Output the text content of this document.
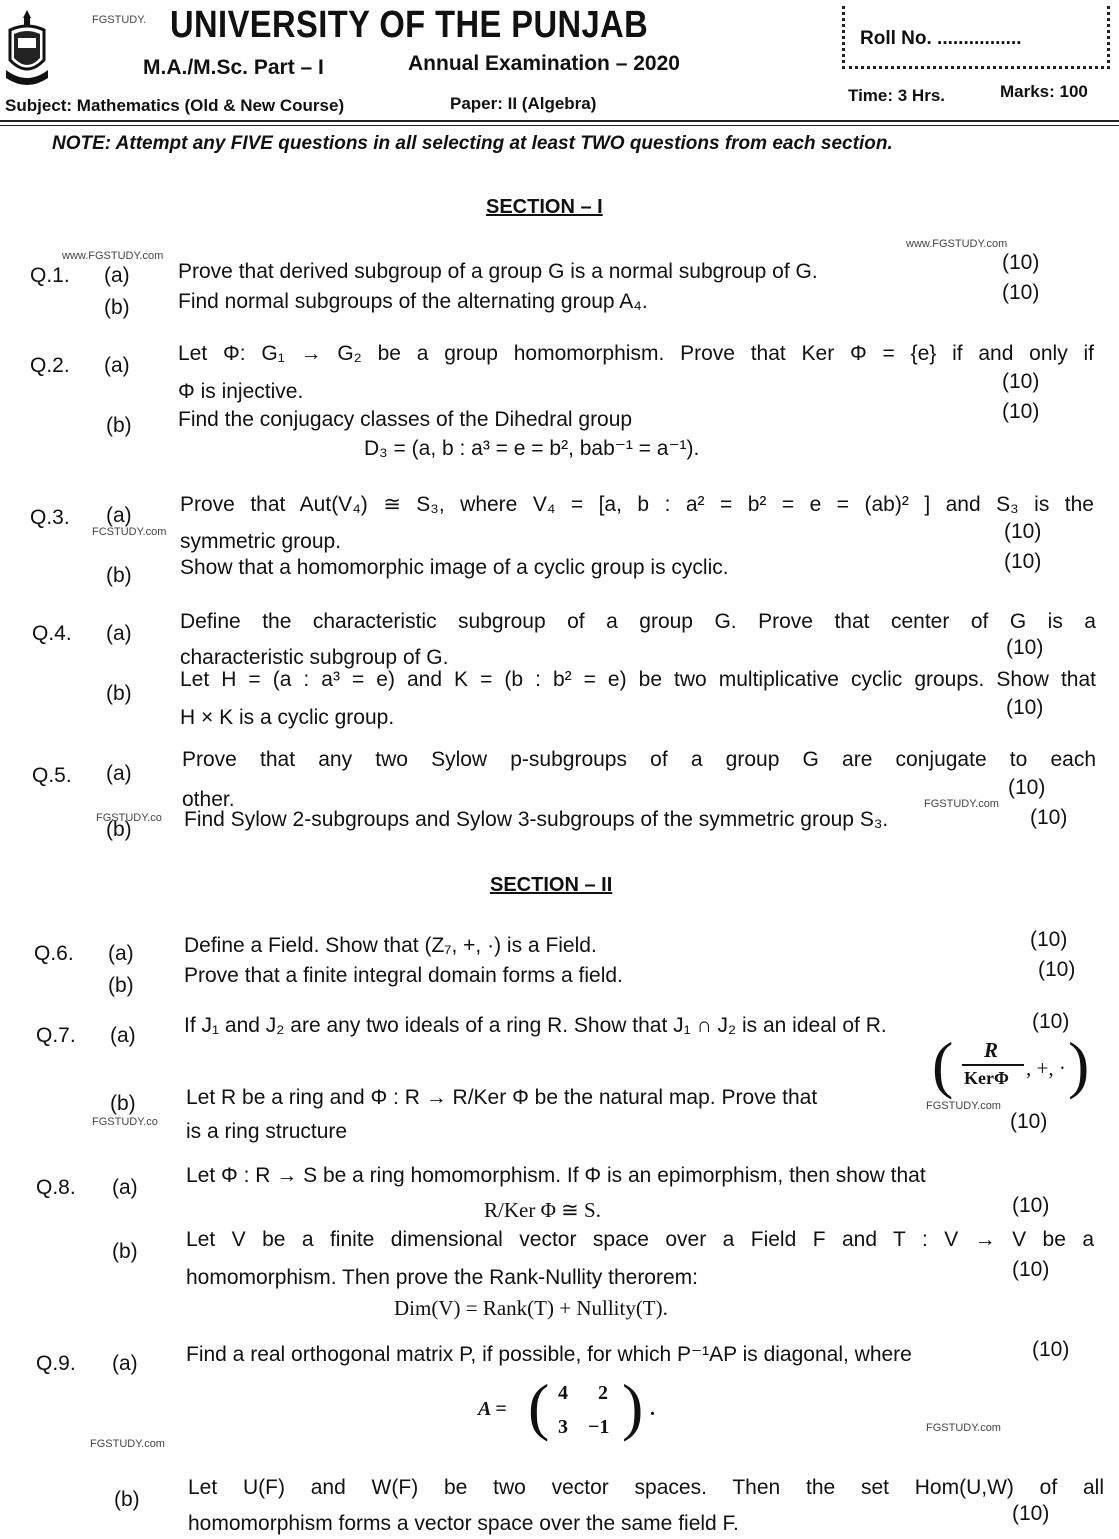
FGSTUDY. UNIVERSITY OF THE PUNJAB
M.A./M.Sc. Part – I	Annual Examination – 2020
Subject: Mathematics (Old & New Course)	Paper: II (Algebra)	Time: 3 Hrs.	Marks: 100
Roll No. ................
NOTE: Attempt any FIVE questions in all selecting at least TWO questions from each section.
SECTION – I
www.FGSTUDY.com
www.FGSTUDY.com
Q.1. (a) Prove that derived subgroup of a group G is a normal subgroup of G.	(10)
(b) Find normal subgroups of the alternating group A₄.	(10)
Q.2. (a)
Let Φ: G₁ → G₂ be a group homomorphism. Prove that Ker Φ = {e} if and only if
Φ is injective.	(10)
(b) Find the conjugacy classes of the Dihedral group	(10)
D₃ = (a, b : a³ = e = b², bab⁻¹ = a⁻¹).
Q.3. (a) Prove that Aut(V₄) ≅ S₃, where V₄ = [a, b : a² = b² = e = (ab)² ] and S₃ is the
FCSTUDY.com symmetric group.	(10)
(b) Show that a homomorphic image of a cyclic group is cyclic.	(10)
Q.4. (a)
Define the characteristic subgroup of a group G. Prove that center of G is a
characteristic subgroup of G.	(10)
(b)
Let H = (a : a³ = e) and K = (b : b² = e) be two multiplicative cyclic groups. Show that
H × K is a cyclic group.	(10)
Q.5. (a)
Prove that any two Sylow p-subgroups of a group G are conjugate to each
other.
(10)
FGSTUDY.com
FGSTUDY.co
(b) Find Sylow 2-subgroups and Sylow 3-subgroups of the symmetric group S₃.	(10)
SECTION – II
Q.6. (a) Define a Field. Show that (Z₇, +, ·) is a Field.	(10)
(b) Prove that a finite integral domain forms a field.	(10)
Q.7. (a) If J₁ and J₂ are any two ideals of a ring R. Show that J₁ ∩ J₂ is an ideal of R.	(10)
(b) Let R be a ring and Φ : R → R/Ker Φ be the natural map. Prove that ( R
KerΦ , +, · )
FGSTUDY.co
FGSTUDY.com
is a ring structure	(10)
Q.8. (a)
Let Φ : R → S be a ring homomorphism. If Φ is an epimorphism, then show that
R/Ker Φ ≅ S.	(10)
(b)
Let V be a finite dimensional vector space over a Field F and T : V → V be a
homomorphism. Then prove the Rank-Nullity therorem:	(10)
Dim(V) = Rank(T) + Nullity(T).
Q.9. (a) Find a real orthogonal matrix P, if possible, for which P⁻¹AP is diagonal, where	(10)
A = ( 4 2
3 −1 ) .
FGSTUDY.com
FGSTUDY.com
(b)
Let U(F) and W(F) be two vector spaces. Then the set Hom(U,W) of all
homomorphism forms a vector space over the same field F.	(10)
